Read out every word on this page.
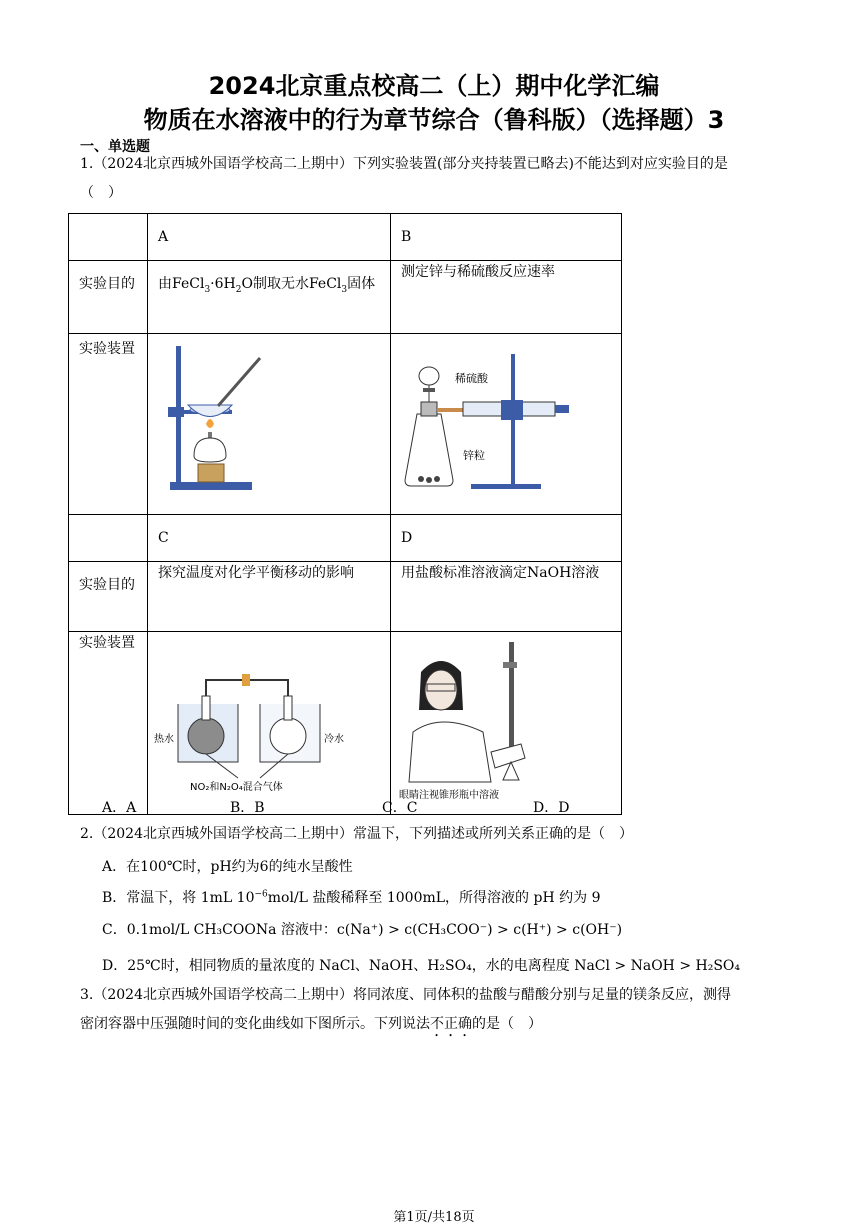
2024北京重点校高二（上）期中化学汇编
物质在水溶液中的行为章节综合（鲁科版）（选择题）3
一、单选题
1.（2024北京西城外国语学校高二上期中）下列实验装置(部分夹持装置已略去)不能达到对应实验目的是
（　）

	A	B

实验目的	由$FeCl_3\cdot 6H_2O$制取无水FeCl$_3$固体	测定锌与稀硫酸反应速率

实验装置		稀硫酸
锌粒

	C	D

实验目的	探究温度对化学平衡移动的影响	用盐酸标准溶液滴定NaOH溶液

实验装置	热水 冷水
NO₂和N₂O₄混合气体	眼睛注视锥形瓶中溶液
A．A	B．B	C．C	D．D
2.（2024北京西城外国语学校高二上期中）常温下，下列描述或所列关系正确的是（　）
A．在100℃时，pH约为6的纯水呈酸性
B．常温下，将 1mL $10^{-6}mol/L$ 盐酸稀释至 1000mL，所得溶液的 pH 约为 9
C．0.1mol/L CH₃COONa 溶液中：c(Na⁺) > c(CH₃COO⁻) > c(H⁺) > c(OH⁻)
D．25℃时，相同物质的量浓度的 NaCl、NaOH、H₂SO₄，水的电离程度 NaCl > NaOH > H₂SO₄
3.（2024北京西城外国语学校高二上期中）将同浓度、同体积的盐酸与醋酸分别与足量的镁条反应，测得
密闭容器中压强随时间的变化曲线如下图所示。下列说法不正确的是（　）
第1页/共18页
